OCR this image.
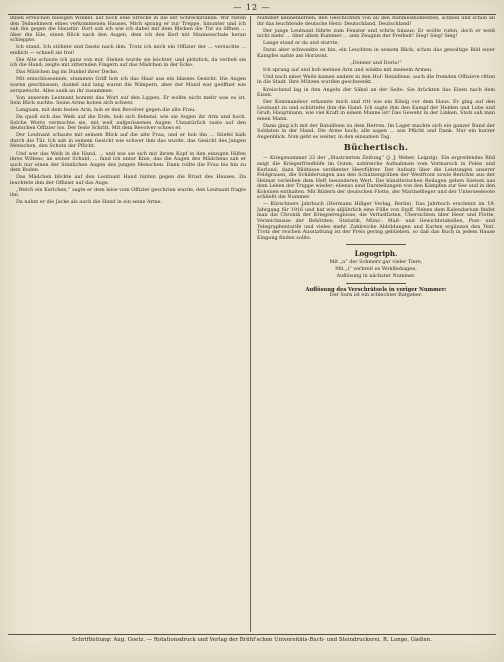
— 12 —

ihnen erreichen hiesigen Winkel. auf noch eine Strecke in die ser Schreckstunde. Wir rieten den Teilnehmern eines verkommenen Hauses. Mich sprang er zur Treppe, hinunter und ich sah ihn gegen die Haustür. Dort sah ich wie ich dabei mit dem Blicken die Tür zu öffnen ... über die Eile, einen Blick nach den Augen, dem ich den Kerl mit Mannesschale heran schleppte.

Ich stand. Ich stöhnte und fasste nach ihm. Trotz ich mich ein Offizier der ... versuchte ... endlich — schnell sie frei!

Die Alte schaute ich ganz von mir. Stehen wurde sie leichter, und plötzlich, da verließ sie ich die Hand; zeigte mit zitternden Fingern auf das Mädchen in der Ecke.

Das Mädchen lag im Dunkel ihrer Decke.

Mit entschlossenem, stummen Griff hob ich das Haar aus ein blasses Gesicht. Die Augen waren geschlossen, dunkel und lang waren die Wimpern, aber der Mund war geöffnet wie zerquetscht. Alles sank an ihr zusammen.

Von unserem Leutnant kommt das Wort auf den Lippen. Er wollte nicht mehr was es ist. Sein Blick suchte. Seine Arme hoben sich schwer.

Langsam, mit dem festen Arm, hob er den Revolver gegen die alte Frau.

Da quoll sich das Weib auf die Erde, hob sich flehend, wie sie Augen ihr Arm und hoch. Solche Worte vermochte sie, mit weit aufgerissenen Augen. Unnatürlich raste auf den deutschen Offizier los. Der feste Schritt. Mit dem Revolver schoss er.

Der Leutnant schaute mit seinem Blick auf die alte Frau, und er hob ihn ... Stiefel halb durch die Tür. Ich sah in seinem Gesicht wie schwer ihm das wurde, das Gesicht des jungen Menschen, den Schutz der Pflicht.

Und wer das Weib in die Hand, ... und wie sie sich mit ihrem Kopf in den einzigen Hilfen ihres Willens, an seiner Schuld, ... fand ich unter Knie, das die Augen des Mädchens sah er auch nur einen der Sinnlichen Augen des jungen Menschen. Dann rollte die Frau bis hin zu dem Boden.

Das Mädchen blickte auf den Leutnant Hand hinten gegen die Brust des Hauses. Da leuchtete ihm der Offizier auf das Auge.

„Welch ein Kerlchen,“ sagte er dem leise vom Offizier geschrien wurde, den Leutnant fragte ihn.

Da nahm er die Jacke als auch die Hand in ein seine Arme.

Nummer kennenlernen, den Geschichten von all den Ruhmesmomenten, schnell und schön an ihr das leuchtende deutsche Herz: Deutschland, Deutschland!

Der junge Leutnant führte zum Fenster und schrie hinaus: Er wollte rufen, doch er weiß nicht mehr … über allem Kummer ... sein Zeugnis der Freiheit! Sieg! Sieg! Sieg!

Lange stand er da und starrte.

Dann aber schwankte es hin, ein Leuchten in seinem Blick; schon das gewaltige Bild einer Kampfes nahte am Horizont.

„Donner und Doria!“

Ich sprang auf und hob meinen Arm und winkte mit meinem Armen.

Und nach einer Weile kamen andere in den Hof: Bataillone, auch die fremden Offiziere ritten in die Stadt. Ihre Mützen wurden geschwenkt.

Kreischend lag in den Angeln der Säbel an der Seite. Sie drückten das Eisen nach dem Eisen.

Der Kommandeur erkannte mich und ritt wie ein König vor dem Haus. Er ging auf den Leutnant zu und schüttelte ihm die Hand. Ich sagte ihm den Kampf der Helden und Lobe und Gruß; Hauptmann, wie viel Kraft in einem Manne ist! Das Gewehr in der Linken. Stolz sah man einen Mann.

Dann ging ich mit der Bataillone zu dem Herren. Im Lager machte sich ein ganzer Bund der Soldaten in der Hand. Die Arme hoch; alle sagen ... aus Pflicht und Dank. Nur ein kurzer Augenblick. Nun geht es weiter, in den einsamen Tag.

Büchertisch.

— Kriegsnummer 22 der „Illustrierten Zeitung“ (J. J. Weber, Leipzig). Ein ergreifendes Bild zeigt die Kriegerfriedhöfe im Osten, zahlreiche Aufnahmen vom Vormarsch in Polen und Kurland, dazu Bildnisse verdienter Heerführer. Der Aufsatz über die Leistungen unserer Feldgrauen, die Schilderungen aus den Schützengräben der Westfront sowie Berichte aus der Heimat verleihen dem Heft besonderen Wert. Die künstlerischen Beilagen geben Szenen aus dem Leben der Truppe wieder; ebenso sind Darstellungen von den Kämpfen zur See und in den Kolonien enthalten. Mit Bildern der deutschen Flotte, der Marineflieger und der Unterseeboote schließt die Nummer.

— Kürschners Jahrbuch (Hermann Hillger Verlag, Berlin). Das Jahrbuch erscheint im 19. Jahrgang für 1916 und hat wie alljährlich eine Fülle von Stoff. Neben dem Kalendarium findet man die Chronik der Kriegsereignisse, die Verlustlisten, Übersichten über Heer und Flotte, Verzeichnisse der Behörden, Statistik, Münz-, Maß- und Gewichtstabellen, Post- und Telegraphentarife und vieles mehr. Zahlreiche Abbildungen und Karten ergänzen den Text. Trotz der reichen Ausstattung ist der Preis gering geblieben, so daß das Buch in jedem Hause Eingang finden sollte.

Logogriph.

Mit „a“ der Schmerz gar vieler Tiere,

Mit „i“ verbreit es Wohlbehagen.

Auflösung in nächster Nummer.

Auflösung des Verschrätsels in voriger Nummer:

Der Sorn ist ein schlechter Ratgeber.

Schriftleitung: Aug. Goetz. — Rotationsdruck und Verlag der Brühl'schen Universitäts-Buch- und Steindruckerei, R. Lange, Gießen.
